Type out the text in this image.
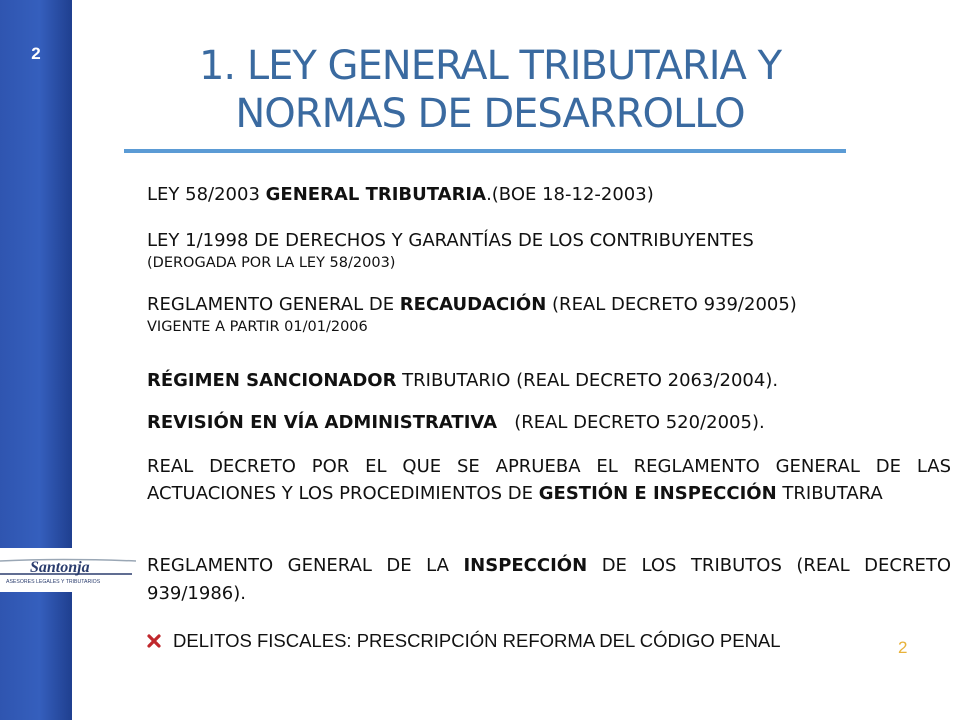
2
Santonja
ASESORES LEGALES Y TRIBUTARIOS
1. LEY GENERAL TRIBUTARIA Y
NORMAS DE DESARROLLO
LEY 58/2003 GENERAL TRIBUTARIA.(BOE 18-12-2003)
LEY 1/1998 DE DERECHOS Y GARANTÍAS DE LOS CONTRIBUYENTES
(DEROGADA POR LA LEY 58/2003)
REGLAMENTO GENERAL DE RECAUDACIÓN (REAL DECRETO 939/2005)
VIGENTE A PARTIR 01/01/2006
RÉGIMEN SANCIONADOR TRIBUTARIO (REAL DECRETO 2063/2004).
REVISIÓN EN VÍA ADMINISTRATIVA   (REAL DECRETO 520/2005).
REAL DECRETO POR EL QUE SE APRUEBA EL REGLAMENTO GENERAL DE LAS ACTUACIONES Y LOS PROCEDIMIENTOS DE GESTIÓN E INSPECCIÓN TRIBUTARA
REGLAMENTO GENERAL DE LA INSPECCIÓN DE LOS TRIBUTOS (REAL DECRETO 939/1986).
DELITOS FISCALES: PRESCRIPCIÓN REFORMA DEL CÓDIGO PENAL	2
